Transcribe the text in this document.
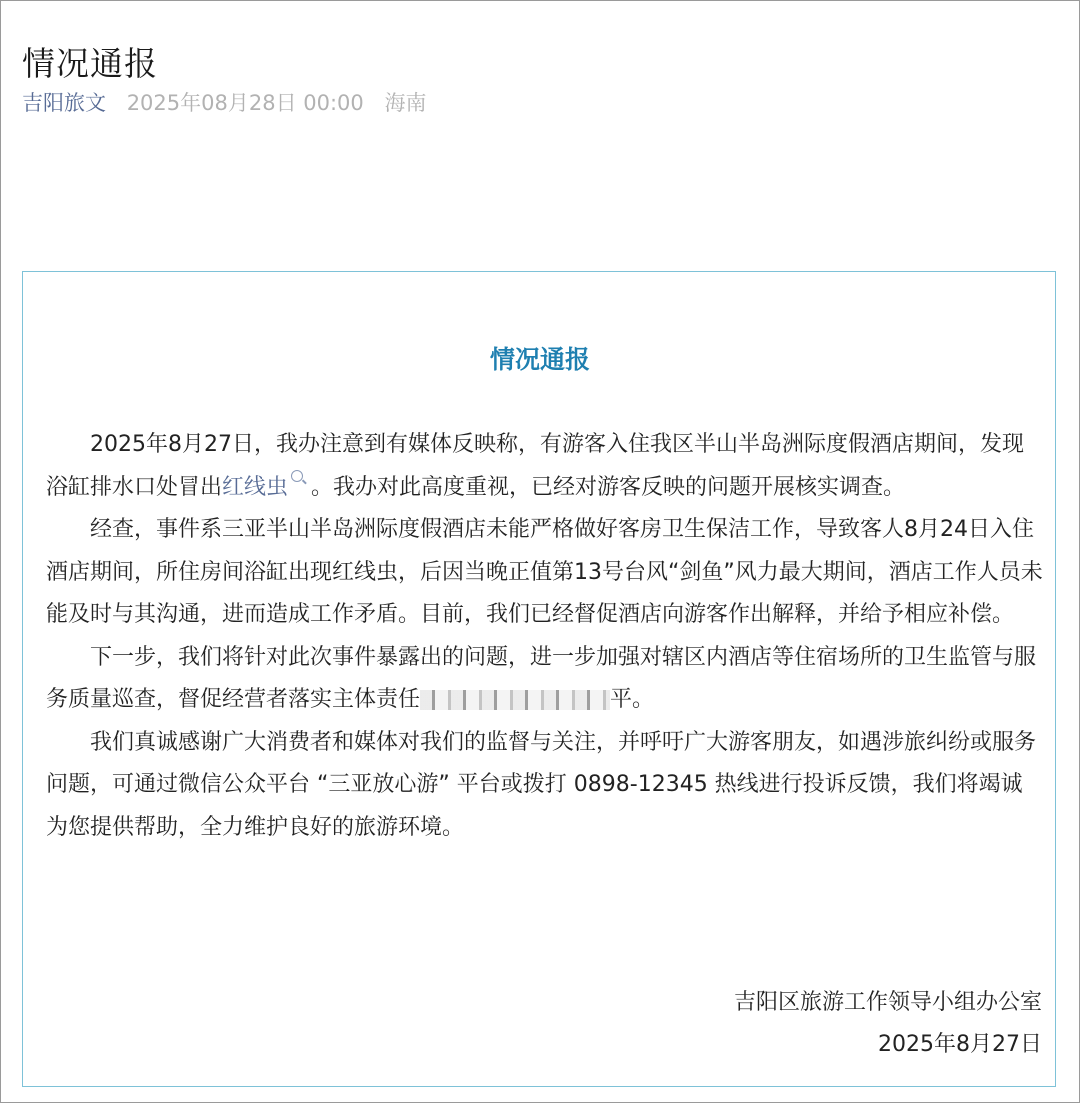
情况通报
吉阳旅文 2025年08月28日 00:00 海南
情况通报

2025年8月27日，我办注意到有媒体反映称，有游客入住我区半山半岛洲际度假酒店期间，发现浴缸排水口处冒出红线虫 。我办对此高度重视，已经对游客反映的问题开展核实调查。

经查，事件系三亚半山半岛洲际度假酒店未能严格做好客房卫生保洁工作，导致客人8月24日入住酒店期间，所住房间浴缸出现红线虫，后因当晚正值第13号台风“剑鱼”风力最大期间，酒店工作人员未能及时与其沟通，进而造成工作矛盾。目前，我们已经督促酒店向游客作出解释，并给予相应补偿。

下一步，我们将针对此次事件暴露出的问题，进一步加强对辖区内酒店等住宿场所的卫生监管与服务质量巡查，督促经营者落实主体责任	平。

我们真诚感谢广大消费者和媒体对我们的监督与关注，并呼吁广大游客朋友，如遇涉旅纠纷或服务问题，可通过微信公众平台 “三亚放心游” 平台或拨打 0898-12345 热线进行投诉反馈，我们将竭诚为您提供帮助，全力维护良好的旅游环境。

吉阳区旅游工作领导小组办公室
2025年8月27日
